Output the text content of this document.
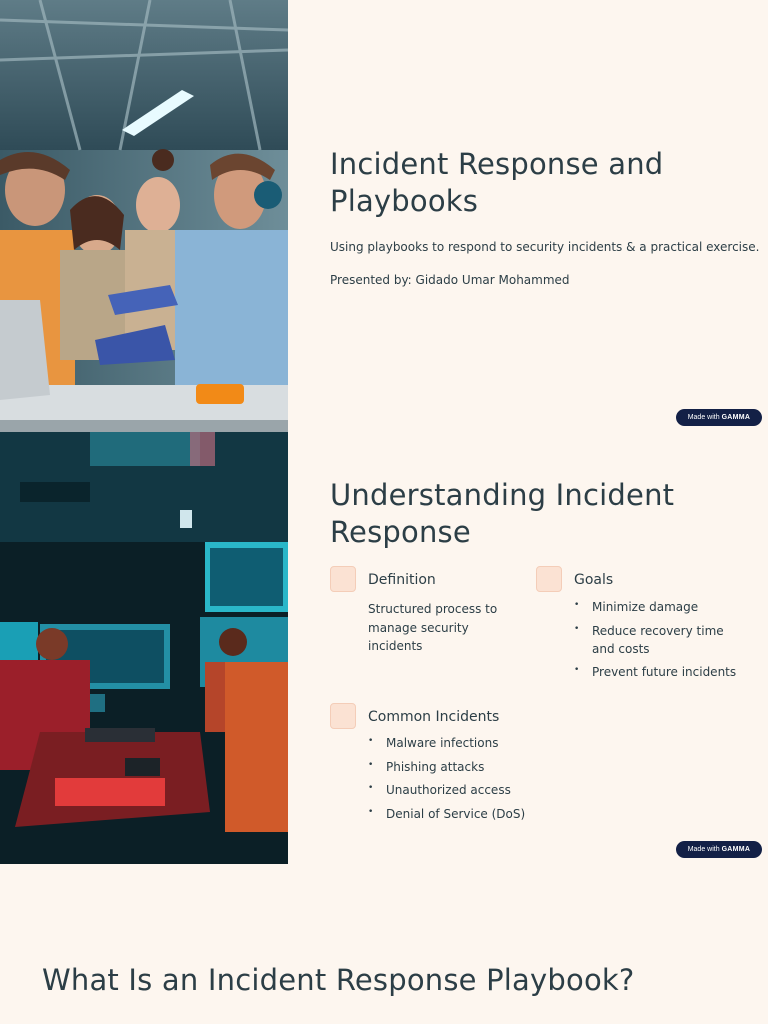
Incident Response and Playbooks
Using playbooks to respond to security incidents & a practical exercise.
Presented by: Gidado Umar Mohammed
Made with GAMMA
Understanding Incident Response
Definition
Structured process to manage security incidents
Goals
• Minimize damage
• Reduce recovery time and costs
• Prevent future incidents
Common Incidents
• Malware infections
• Phishing attacks
• Unauthorized access
• Denial of Service (DoS)
Made with GAMMA
What Is an Incident Response Playbook?
